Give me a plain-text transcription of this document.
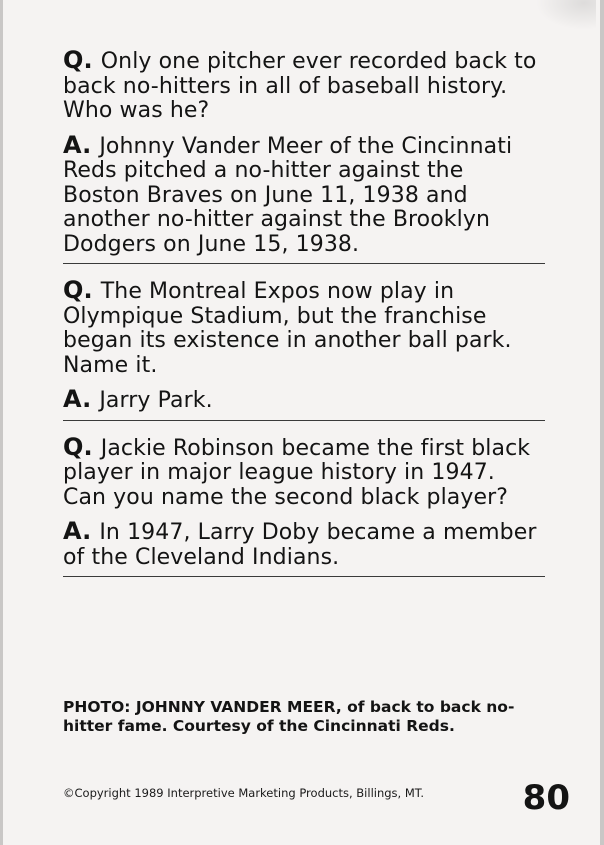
Q. Only one pitcher ever recorded back to back no-hitters in all of baseball history. Who was he?
A. Johnny Vander Meer of the Cincinnati Reds pitched a no-hitter against the Boston Braves on June 11, 1938 and another no-hitter against the Brooklyn Dodgers on June 15, 1938.
Q. The Montreal Expos now play in Olympique Stadium, but the franchise began its existence in another ball park. Name it.
A. Jarry Park.
Q. Jackie Robinson became the first black player in major league history in 1947. Can you name the second black player?
A. In 1947, Larry Doby became a member of the Cleveland Indians.
PHOTO: JOHNNY VANDER MEER, of back to back no-hitter fame. Courtesy of the Cincinnati Reds.
©Copyright 1989 Interpretive Marketing Products, Billings, MT.	80
